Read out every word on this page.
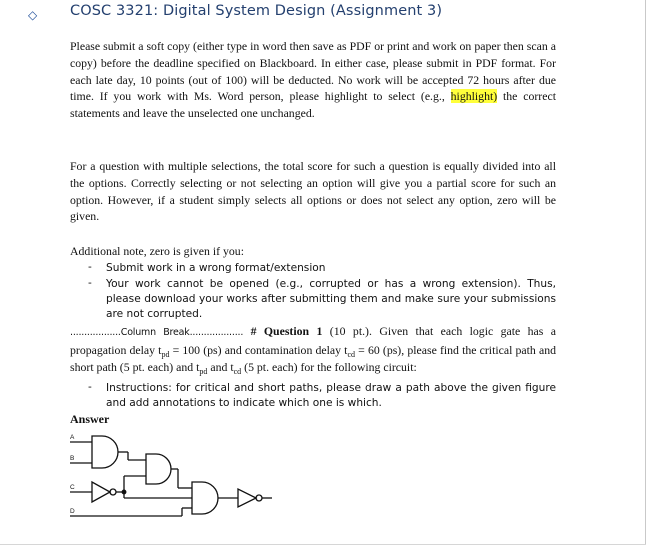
◇ COSC 3321: Digital System Design (Assignment 3)
Please submit a soft copy (either type in word then save as PDF or print and work on paper then scan a copy) before the deadline specified on Blackboard. In either case, please submit in PDF format. For each late day, 10 points (out of 100) will be deducted. No work will be accepted 72 hours after due time. If you work with Ms. Word person, please highlight to select (e.g., highlight) the correct statements and leave the unselected one unchanged.
For a question with multiple selections, the total score for such a question is equally divided into all the options. Correctly selecting or not selecting an option will give you a partial score for such an option. However, if a student simply selects all options or does not select any option, zero will be given.
Additional note, zero is given if you:
- Submit work in a wrong format/extension
- Your work cannot be opened (e.g., corrupted or has a wrong extension). Thus, please download your works after submitting them and make sure your submissions are not corrupted.
..................Column Break................... # Question 1 (10 pt.). Given that each logic gate has a propagation delay $t_{pd} = 100$ (ps) and contamination delay $t_{cd} = 60$ (ps), please find the critical path and short path (5 pt. each) and $t_{pd}$ and $t_{cd}$ (5 pt. each) for the following circuit:
- Instructions: for critical and short paths, please draw a path above the given figure and add annotations to indicate which one is which.
Answer
A
B
C
D
